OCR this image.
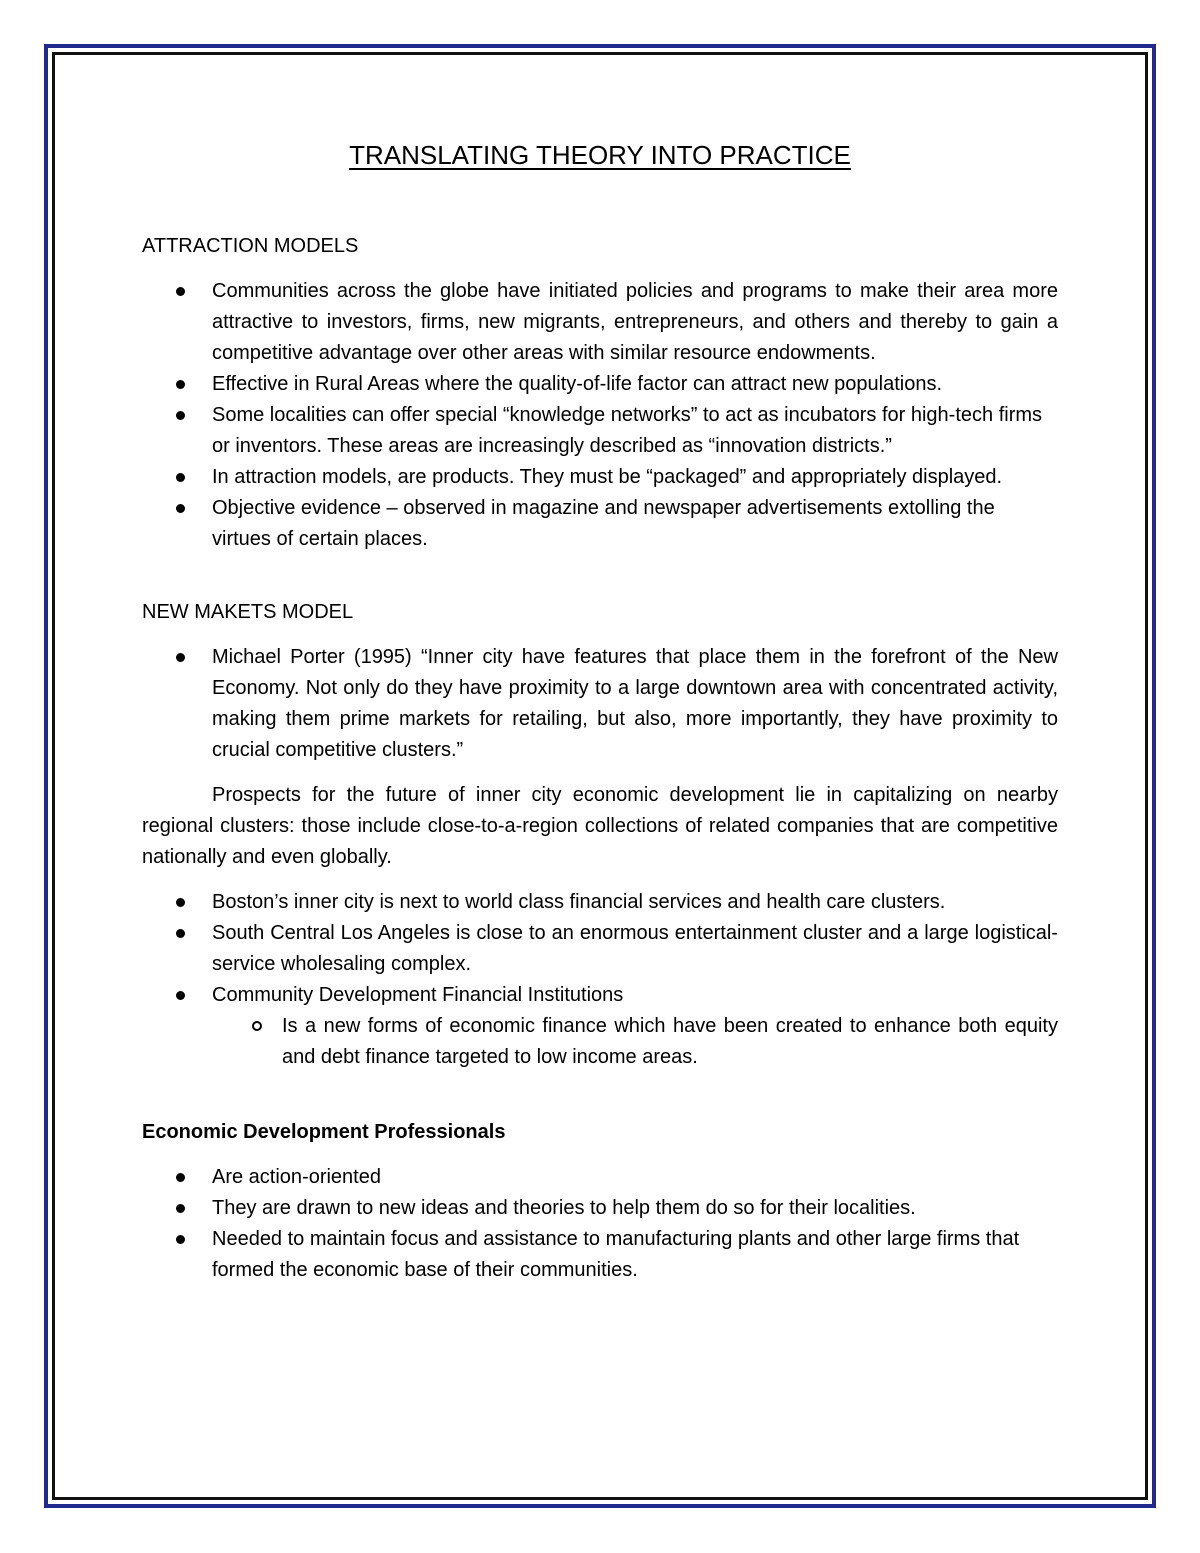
TRANSLATING THEORY INTO PRACTICE
ATTRACTION MODELS
Communities across the globe have initiated policies and programs to make their area more attractive to investors, firms, new migrants, entrepreneurs, and others and thereby to gain a competitive advantage over other areas with similar resource endowments.
Effective in Rural Areas where the quality-of-life factor can attract new populations.
Some localities can offer special “knowledge networks” to act as incubators for high-tech firms or inventors. These areas are increasingly described as “innovation districts.”
In attraction models, are products. They must be “packaged” and appropriately displayed.
Objective evidence – observed in magazine and newspaper advertisements extolling the virtues of certain places.
NEW MAKETS MODEL
Michael Porter (1995) “Inner city have features that place them in the forefront of the New Economy. Not only do they have proximity to a large downtown area with concentrated activity, making them prime markets for retailing, but also, more importantly, they have proximity to crucial competitive clusters.”

Prospects for the future of inner city economic development lie in capitalizing on nearby regional clusters: those include close-to-a-region collections of related companies that are competitive nationally and even globally.

Boston’s inner city is next to world class financial services and health care clusters.
South Central Los Angeles is close to an enormous entertainment cluster and a large logistical-service wholesaling complex.
Community Development Financial Institutions
Is a new forms of economic finance which have been created to enhance both equity and debt finance targeted to low income areas.
Economic Development Professionals
Are action-oriented
They are drawn to new ideas and theories to help them do so for their localities.
Needed to maintain focus and assistance to manufacturing plants and other large firms that formed the economic base of their communities.
